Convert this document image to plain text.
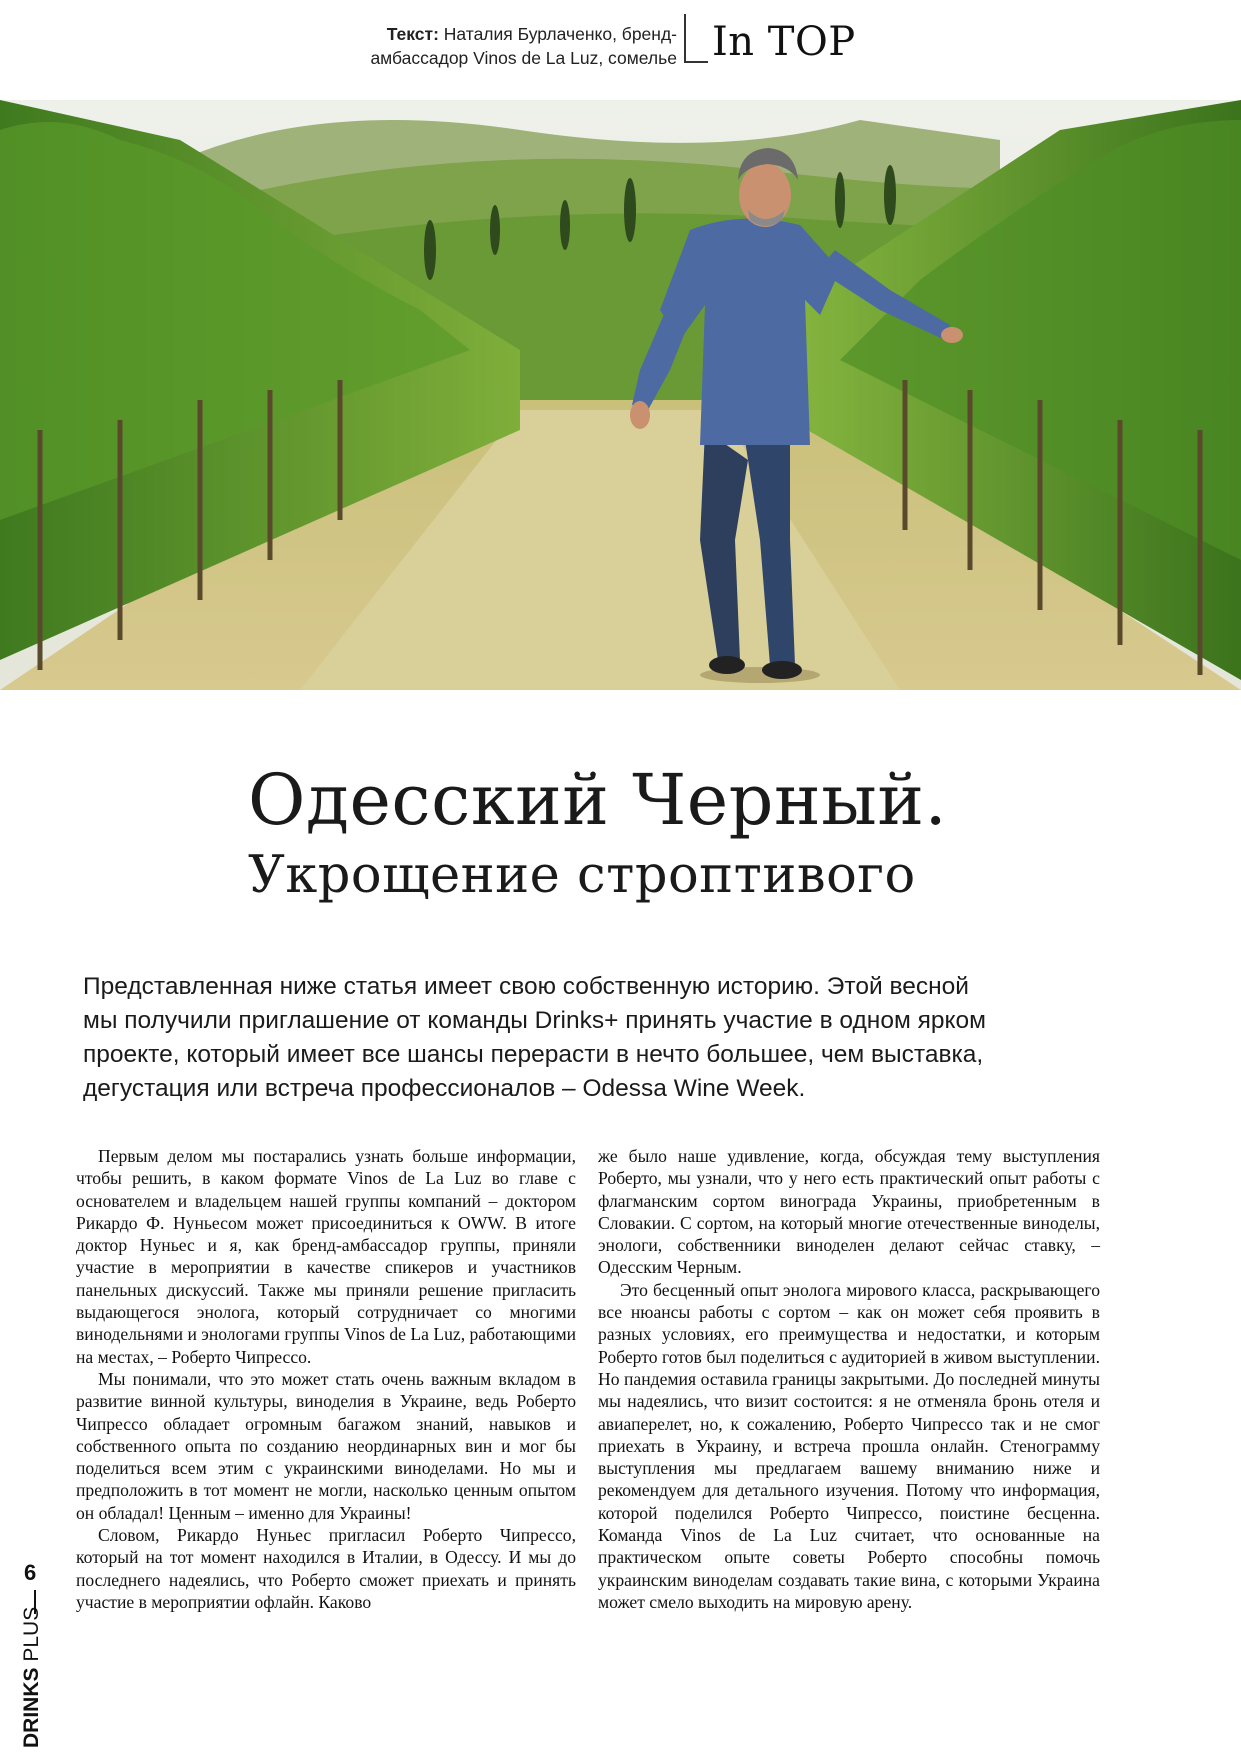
Текст: Наталия Бурлаченко, бренд-
амбассадор Vinos de La Luz, сомелье In TOP
Одесский Черный.
Укрощение строптивого
Представленная ниже статья имеет свою собственную историю. Этой весной
мы получили приглашение от команды Drinks+ принять участие в одном ярком
проекте, который имеет все шансы перерасти в нечто большее, чем выставка,
дегустация или встреча профессионалов – Odessa Wine Week.

Первым делом мы постарались узнать больше информации, чтобы решить, в каком формате Vinos de La Luz во главе с основателем и владельцем нашей группы компаний – доктором Рикардо Ф. Нуньесом может присоединиться к OWW. В итоге доктор Нуньес и я, как бренд-амбассадор группы, приняли участие в мероприятии в качестве спикеров и участников панельных дискуссий. Также мы приняли решение пригласить выдающегося энолога, который сотрудничает со многими винодельнями и энологами группы Vinos de La Luz, работающими на местах, – Роберто Чипрессо.

Мы понимали, что это может стать очень важным вкладом в развитие винной культуры, виноделия в Украине, ведь Роберто Чипрессо обладает огромным багажом знаний, навыков и собственного опыта по созданию неординарных вин и мог бы поделиться всем этим с украинскими виноделами. Но мы и предположить в тот момент не могли, насколько ценным опытом он обладал! Ценным – именно для Украины!

Словом, Рикардо Нуньес пригласил Роберто Чипрессо, который на тот момент находился в Италии, в Одессу. И мы до последнего надеялись, что Роберто сможет приехать и принять участие в мероприятии офлайн. Каково

же было наше удивление, когда, обсуждая тему выступления Роберто, мы узнали, что у него есть практический опыт работы с флагманским сортом винограда Украины, приобретенным в Словакии. С сортом, на который многие отечественные виноделы, энологи, собственники виноделен делают сейчас ставку, – Одесским Черным.

Это бесценный опыт энолога мирового класса, раскрывающего все нюансы работы с сортом – как он может себя проявить в разных условиях, его преимущества и недостатки, и которым Роберто готов был поделиться с аудиторией в живом выступлении. Но пандемия оставила границы закрытыми. До последней минуты мы надеялись, что визит состоится: я не отменяла бронь отеля и авиаперелет, но, к сожалению, Роберто Чипрессо так и не смог приехать в Украину, и встреча прошла онлайн. Стенограмму выступления мы предлагаем вашему вниманию ниже и рекомендуем для детального изучения. Потому что информация, которой поделился Роберто Чипрессо, поистине бесценна. Команда Vinos de La Luz считает, что основанные на практическом опыте советы Роберто способны помочь украинским виноделам создавать такие вина, с которыми Украина может смело выходить на мировую арену.

6
DRINKS PLUS
